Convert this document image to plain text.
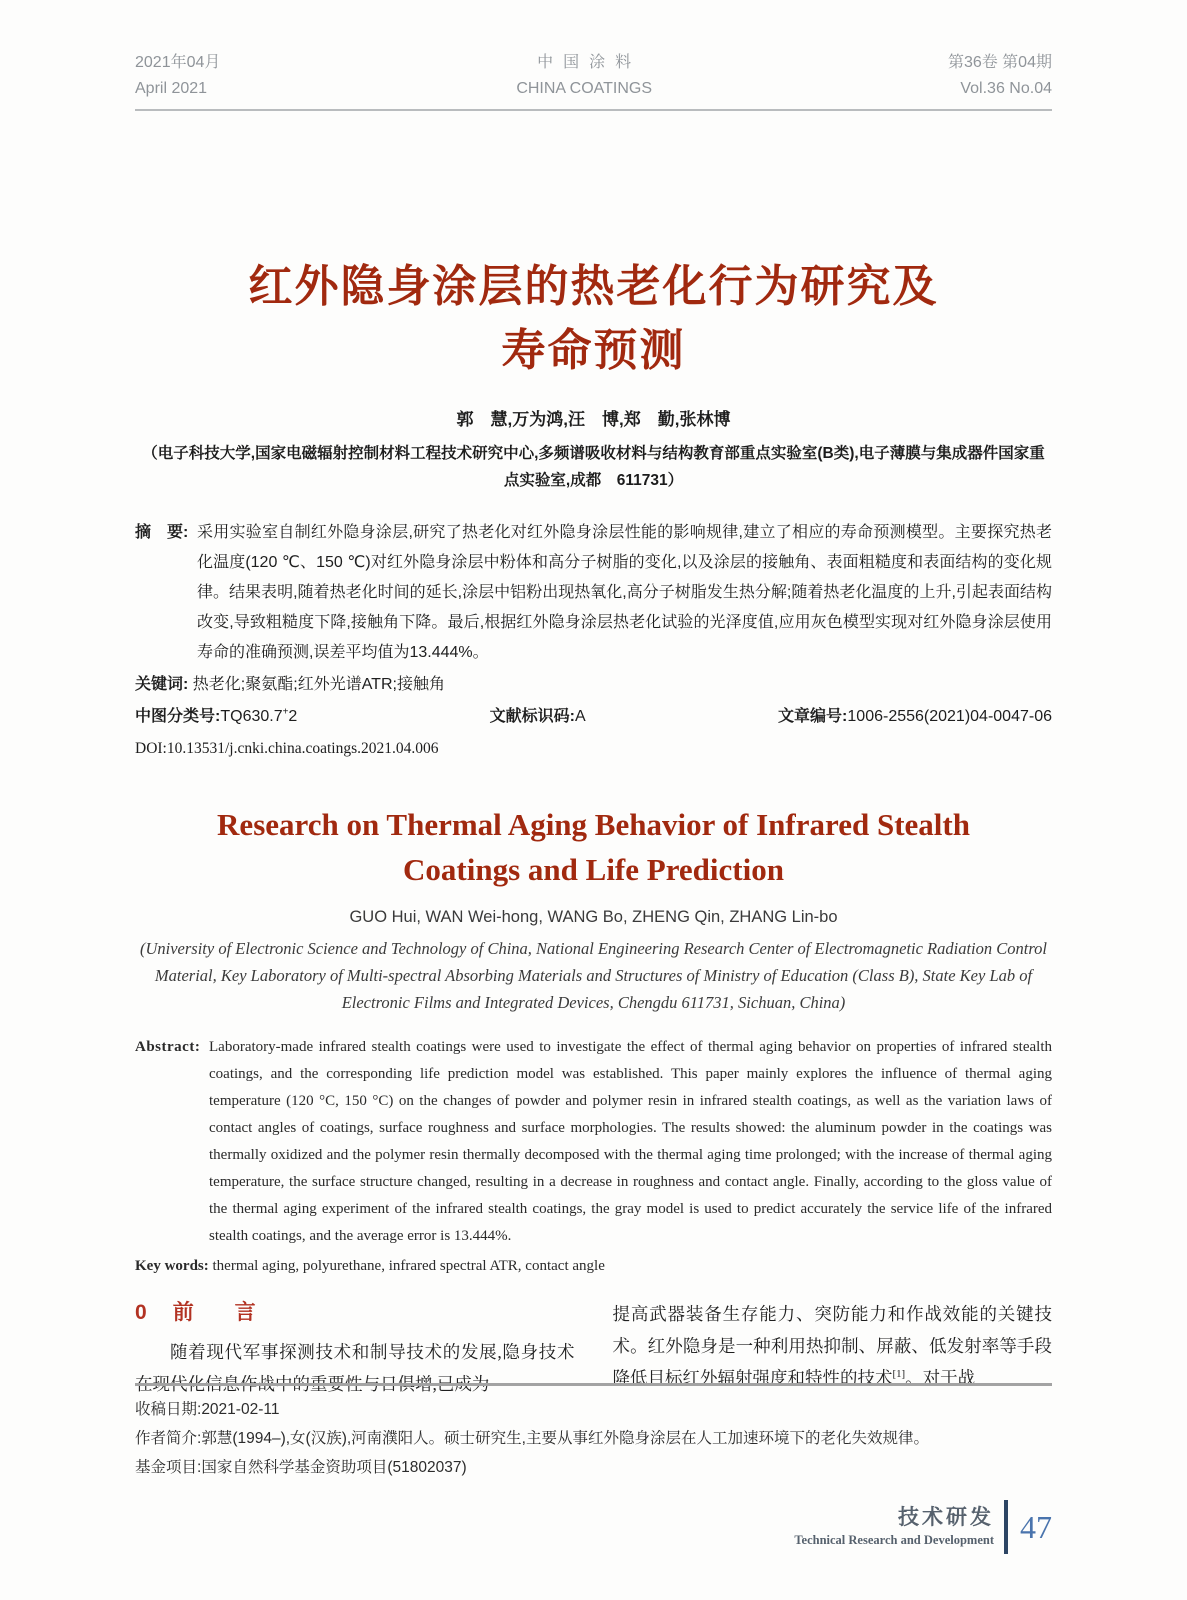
2021年04月
April 2021
中国涂料
CHINA COATINGS
第36卷 第04期
Vol.36 No.04
红外隐身涂层的热老化行为研究及
寿命预测
郭　慧,万为鸿,汪　博,郑　勤,张林博
（电子科技大学,国家电磁辐射控制材料工程技术研究中心,多频谱吸收材料与结构教育部重点实验室(B类),电子薄膜与集成器件国家重点实验室,成都　611731）
摘　要: 采用实验室自制红外隐身涂层,研究了热老化对红外隐身涂层性能的影响规律,建立了相应的寿命预测模型。主要探究热老化温度(120 ℃、150 ℃)对红外隐身涂层中粉体和高分子树脂的变化,以及涂层的接触角、表面粗糙度和表面结构的变化规律。结果表明,随着热老化时间的延长,涂层中铝粉出现热氧化,高分子树脂发生热分解;随着热老化温度的上升,引起表面结构改变,导致粗糙度下降,接触角下降。最后,根据红外隐身涂层热老化试验的光泽度值,应用灰色模型实现对红外隐身涂层使用寿命的准确预测,误差平均值为13.444%。
关键词: 热老化;聚氨酯;红外光谱ATR;接触角
中图分类号:TQ630.7+2	文献标识码:A	文章编号:1006-2556(2021)04-0047-06
DOI:10.13531/j.cnki.china.coatings.2021.04.006
Research on Thermal Aging Behavior of Infrared Stealth
Coatings and Life Prediction
GUO Hui, WAN Wei-hong, WANG Bo, ZHENG Qin, ZHANG Lin-bo
(University of Electronic Science and Technology of China, National Engineering Research Center of Electromagnetic Radiation Control Material, Key Laboratory of Multi-spectral Absorbing Materials and Structures of Ministry of Education (Class B), State Key Lab of Electronic Films and Integrated Devices, Chengdu 611731, Sichuan, China)
Abstract: Laboratory-made infrared stealth coatings were used to investigate the effect of thermal aging behavior on properties of infrared stealth coatings, and the corresponding life prediction model was established. This paper mainly explores the influence of thermal aging temperature (120 °C, 150 °C) on the changes of powder and polymer resin in infrared stealth coatings, as well as the variation laws of contact angles of coatings, surface roughness and surface morphologies. The results showed: the aluminum powder in the coatings was thermally oxidized and the polymer resin thermally decomposed with the thermal aging time prolonged; with the increase of thermal aging temperature, the surface structure changed, resulting in a decrease in roughness and contact angle. Finally, according to the gloss value of the thermal aging experiment of the infrared stealth coatings, the gray model is used to predict accurately the service life of the infrared stealth coatings, and the average error is 13.444%.
Key words: thermal aging, polyurethane, infrared spectral ATR, contact angle
0 前　言

随着现代军事探测技术和制导技术的发展,隐身技术在现代化信息作战中的重要性与日俱增,已成为

提高武器装备生存能力、突防能力和作战效能的关键技术。红外隐身是一种利用热抑制、屏蔽、低发射率等手段降低目标红外辐射强度和特性的技术[1]。对于战

收稿日期:2021-02-11
作者简介:郭慧(1994–),女(汉族),河南濮阳人。硕士研究生,主要从事红外隐身涂层在人工加速环境下的老化失效规律。
基金项目:国家自然科学基金资助项目(51802037)
技术研发
Technical Research and Development 47
